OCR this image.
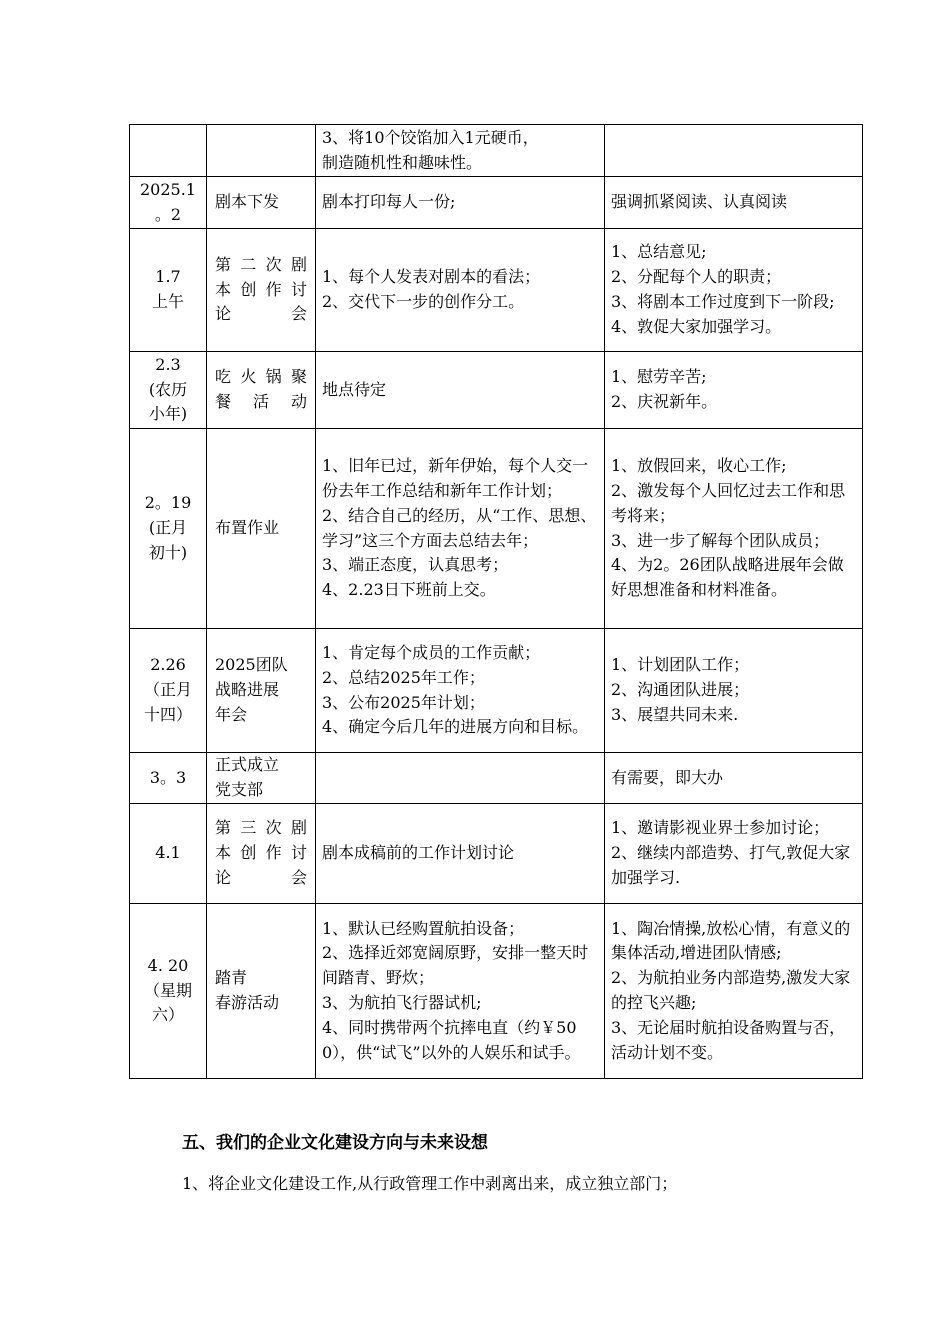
		3、将10个饺馅加入1元硬币，
制造随机性和趣味性。	
2025.1
。2	剧本下发	剧本打印每人一份;	强调抓紧阅读、认真阅读
1.7
上午	第二次剧
本创作讨
论会	1、每个人发表对剧本的看法；
2、交代下一步的创作分工。	1、总结意见;
2、分配每个人的职责；
3、将剧本工作过度到下一阶段;
4、敦促大家加强学习。
2.3
(农历
小年)	吃火锅聚
餐活动	地点待定	1、慰劳辛苦;
2、庆祝新年。
2。19
(正月
初十)	布置作业	1、旧年已过，新年伊始，每个人交一份去年工作总结和新年工作计划；
2、结合自己的经历，从“工作、思想、学习”这三个方面去总结去年；
3、端正态度，认真思考；
4、2.23日下班前上交。	1、放假回来，收心工作;
2、激发每个人回忆过去工作和思考将来；
3、进一步了解每个团队成员；
4、为2。26团队战略进展年会做好思想准备和材料准备。
2.26
（正月
十四）	2025团队
战略进展
年会	1、肯定每个成员的工作贡献；
2、总结2025年工作；
3、公布2025年计划；
4、确定今后几年的进展方向和目标。	1、计划团队工作；
2、沟通团队进展；
3、展望共同未来.
3。3	正式成立
党支部		有需要，即大办
4.1	第三次剧
本创作讨
论会	剧本成稿前的工作计划讨论	1、邀请影视业界士参加讨论；
2、继续内部造势、打气,敦促大家加强学习.
4. 20
（星期
六）	踏青
春游活动	1、默认已经购置航拍设备；
2、选择近郊宽阔原野，安排一整天时间踏青、野炊；
3、为航拍飞行器试机;
4、同时携带两个抗摔电直（约￥500），供“试飞”以外的人娱乐和试手。	1、陶冶情操,放松心情，有意义的集体活动,增进团队情感;
2、为航拍业务内部造势,激发大家的控飞兴趣;
3、无论届时航拍设备购置与否，活动计划不变。
五、我们的企业文化建设方向与未来设想
1、将企业文化建设工作,从行政管理工作中剥离出来，成立独立部门；
